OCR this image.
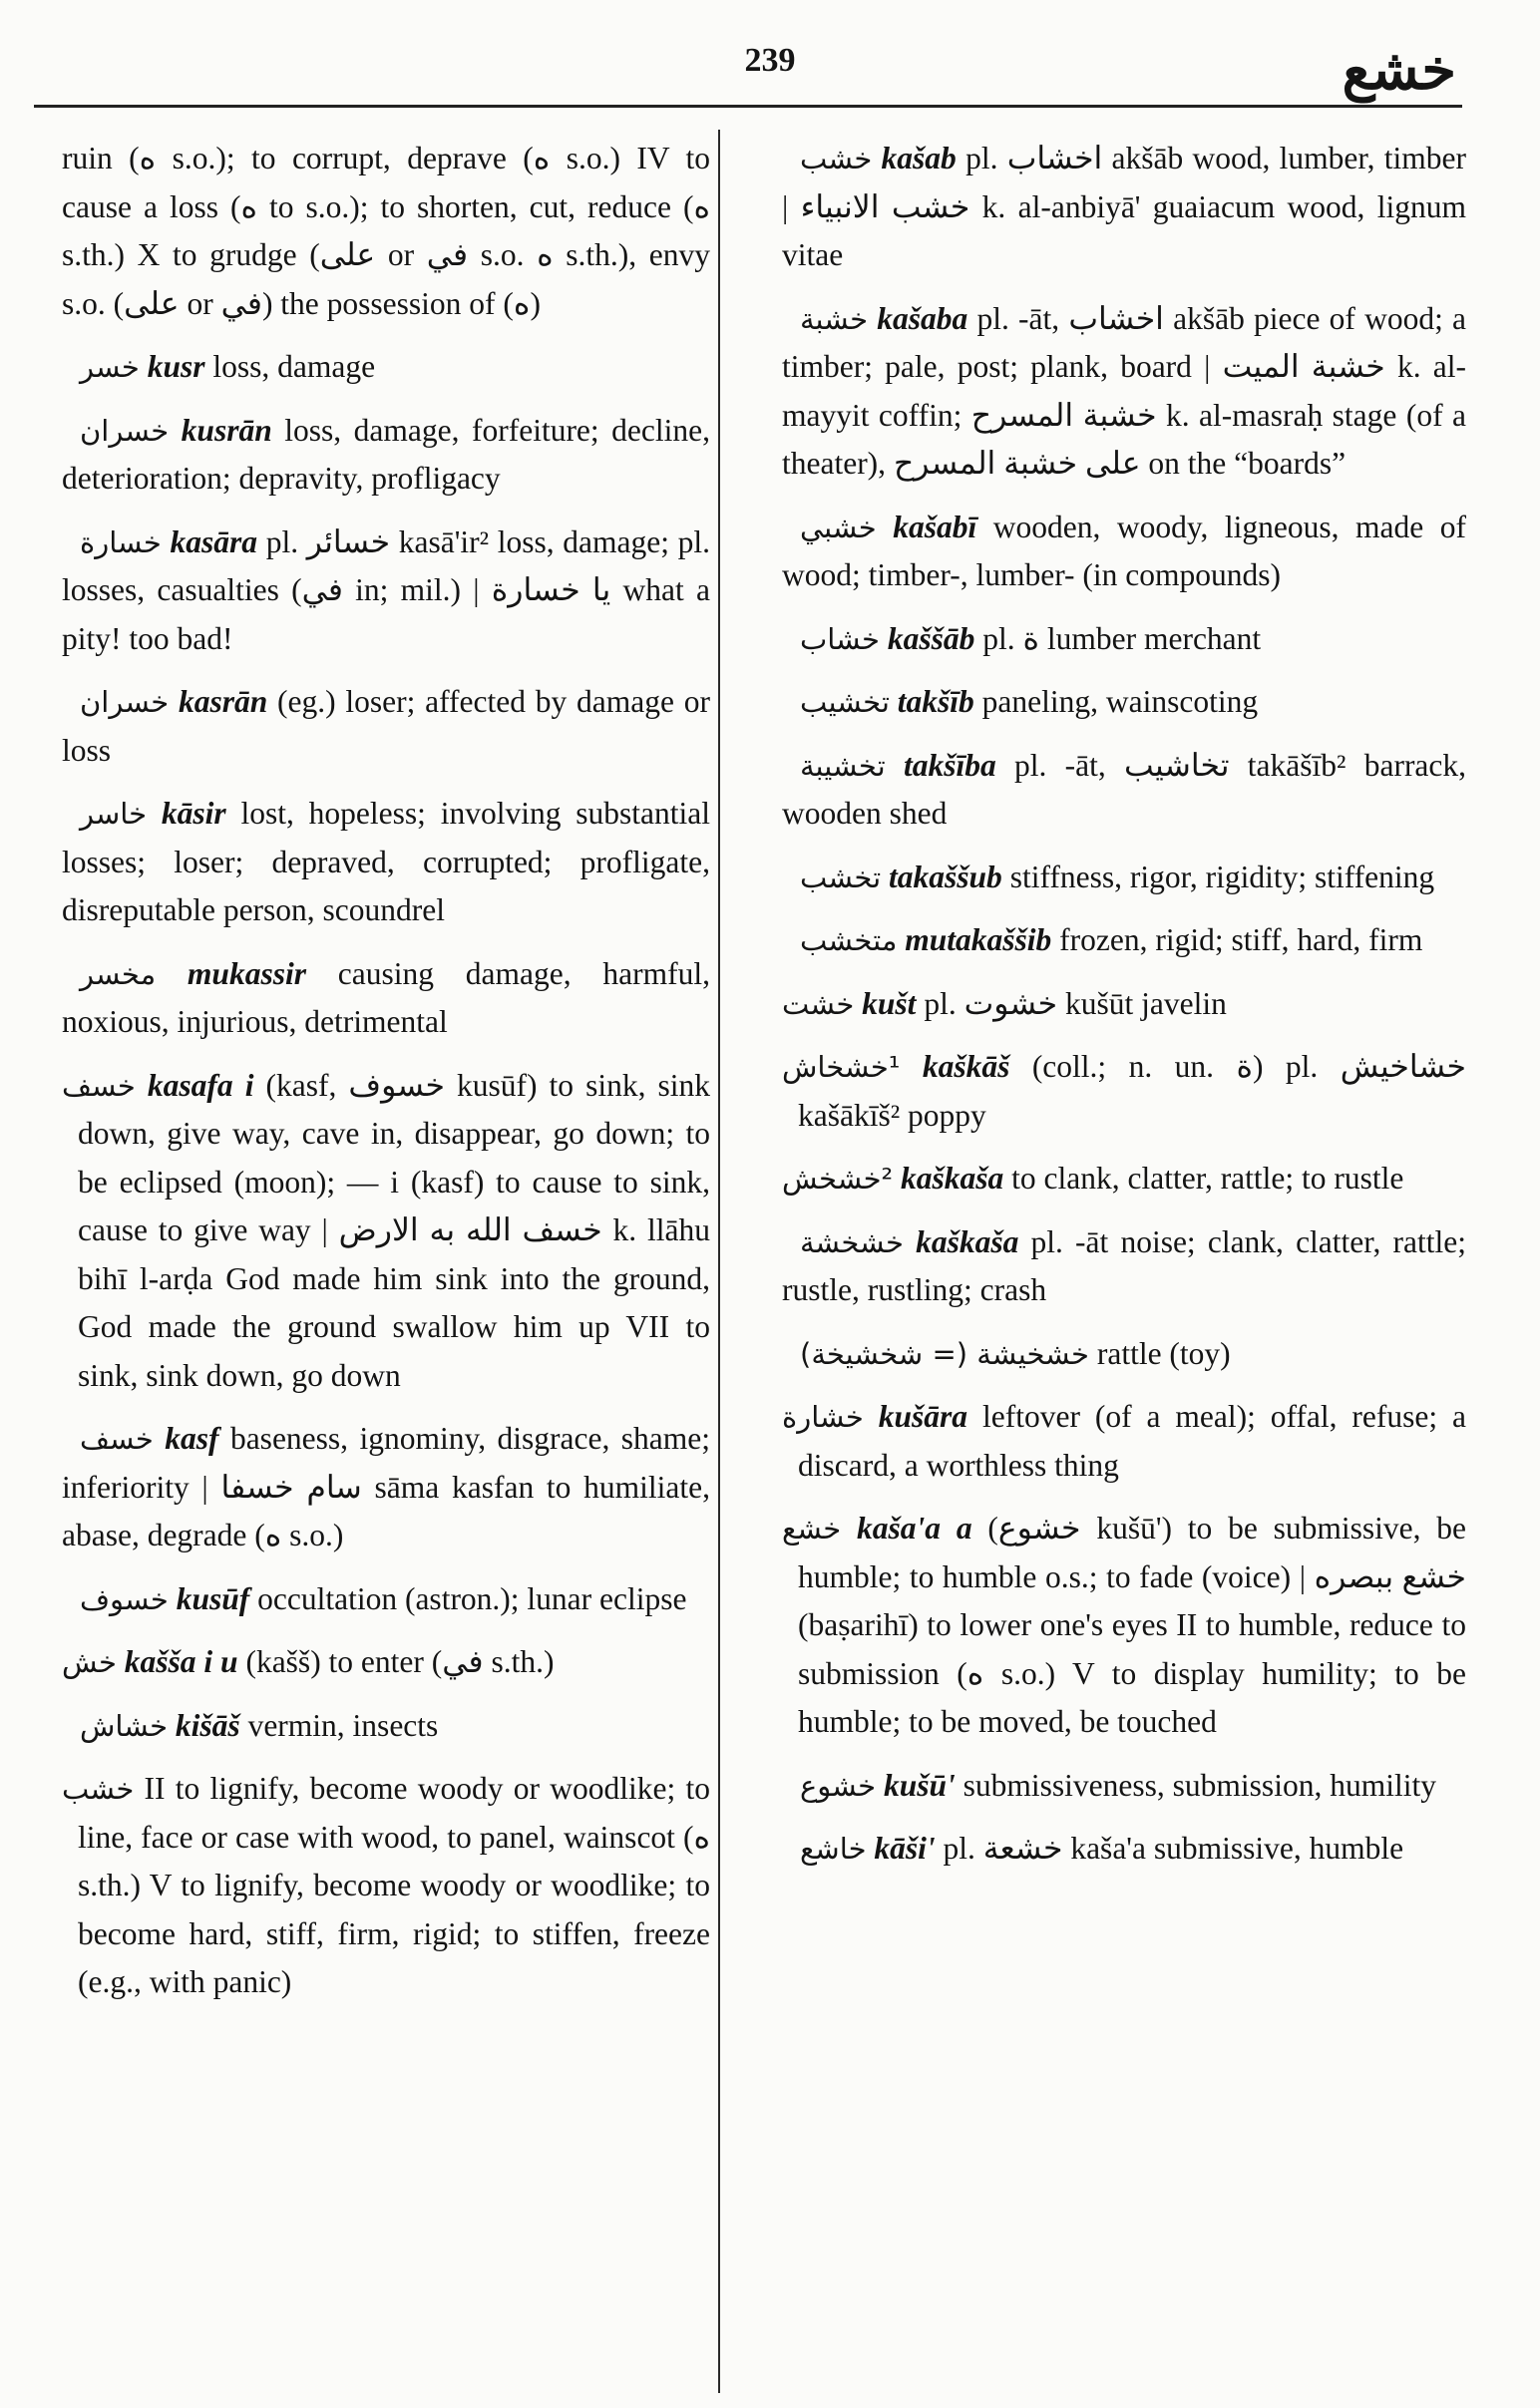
239	خشع

ruin (ه s.o.); to corrupt, deprave (ه s.o.) IV to cause a loss (ه to s.o.); to shorten, cut, reduce (ه s.th.) X to grudge (على or في s.o. ه s.th.), envy s.o. (على or في) the possession of (ه)

خسر kusr loss, damage

خسران kusrān loss, damage, forfeiture; decline, deterioration; depravity, profligacy

خسارة kasāra pl. خسائر kasā'ir² loss, damage; pl. losses, casualties (في in; mil.) | يا خسارة what a pity! too bad!

خسران kasrān (eg.) loser; affected by damage or loss

خاسر kāsir lost, hopeless; involving substantial losses; loser; depraved, corrupted; profligate, disreputable person, scoundrel

مخسر mukassir causing damage, harmful, noxious, injurious, detrimental

خسف kasafa i (kasf, خسوف kusūf) to sink, sink down, give way, cave in, disappear, go down; to be eclipsed (moon); — i (kasf) to cause to sink, cause to give way | خسف الله به الارض k. llāhu bihī l-arḍa God made him sink into the ground, God made the ground swallow him up VII to sink, sink down, go down

خسف kasf baseness, ignominy, disgrace, shame; inferiority | سام خسفا sāma kasfan to humiliate, abase, degrade (ه s.o.)

خسوف kusūf occultation (astron.); lunar eclipse

خش kašša i u (kašš) to enter (في s.th.)

خشاش kišāš vermin, insects

خشب II to lignify, become woody or woodlike; to line, face or case with wood, to panel, wainscot (ه s.th.) V to lignify, become woody or woodlike; to become hard, stiff, firm, rigid; to stiffen, freeze (e.g., with panic)

خشب kašab pl. اخشاب akšāb wood, lumber, timber | خشب الانبياء k. al-anbiyā' guaiacum wood, lignum vitae

خشبة kašaba pl. -āt, اخشاب akšāb piece of wood; a timber; pale, post; plank, board | خشبة الميت k. al-mayyit coffin; خشبة المسرح k. al-masraḥ stage (of a theater), على خشبة المسرح on the “boards”

خشبي kašabī wooden, woody, ligneous, made of wood; timber-, lumber- (in compounds)

خشاب kaššāb pl. ة lumber merchant

تخشيب takšīb paneling, wainscoting

تخشيبة takšība pl. -āt, تخاشيب takāšīb² barrack, wooden shed

تخشب takaššub stiffness, rigor, rigidity; stiffening

متخشب mutakaššib frozen, rigid; stiff, hard, firm

خشت kušt pl. خشوت kušūt javelin

¹خشخاش kaškāš (coll.; n. un. ة) pl. خشاخيش kašākīš² poppy

²خشخش kaškaša to clank, clatter, rattle; to rustle

خشخشة kaškaša pl. -āt noise; clank, clatter, rattle; rustle, rustling; crash

خشخيشة (= شخشيخة) rattle (toy)

خشارة kušāra leftover (of a meal); offal, refuse; a discard, a worthless thing

خشع kaša'a a (خشوع kušū') to be submissive, be humble; to humble o.s.; to fade (voice) | خشع ببصره (baṣarihī) to lower one's eyes II to humble, reduce to submission (ه s.o.) V to display humility; to be humble; to be moved, be touched

خشوع kušū' submissiveness, submission, humility

خاشع kāši' pl. خشعة kaša'a submissive, humble
